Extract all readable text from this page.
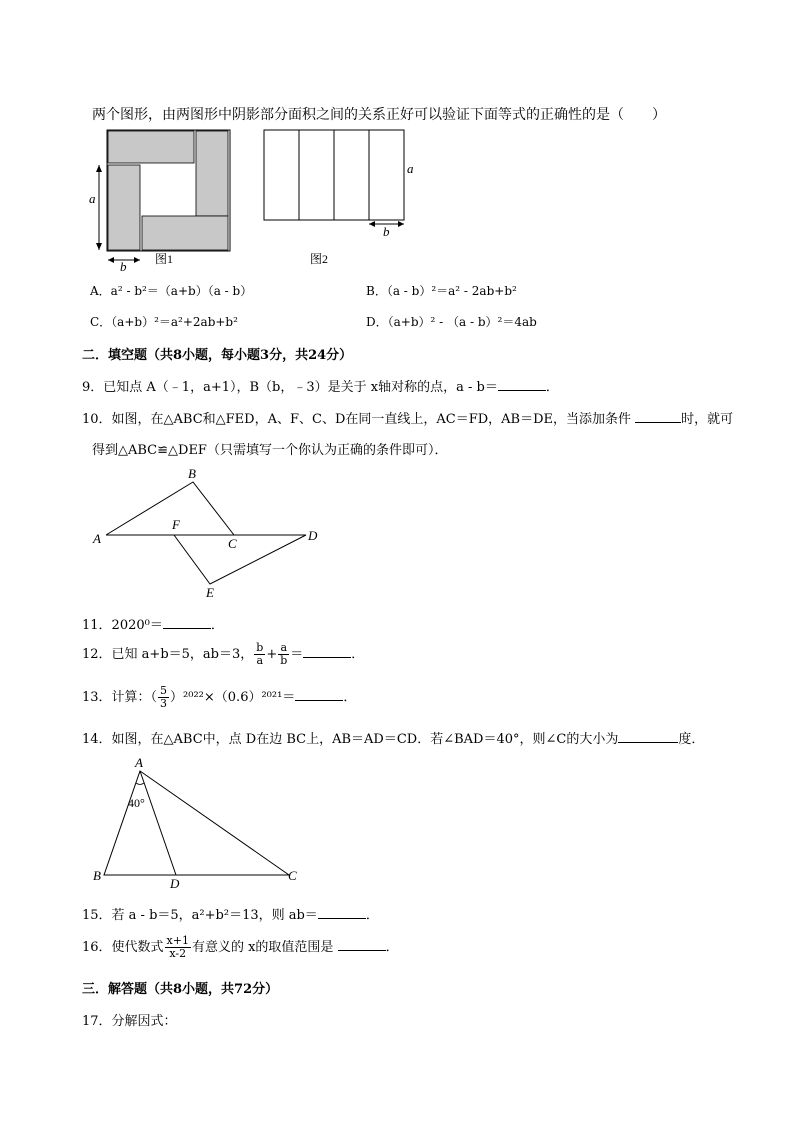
两个图形，由两图形中阴影部分面积之间的关系正好可以验证下面等式的正确性的是（　　）
a
b 图1
a
b
图2
A．a² - b²＝（a+b）（a - b）	B．（a - b）²＝a² - 2ab+b²
C．（a+b）²＝a²+2ab+b²	D．（a+b）² - （a - b）²＝4ab
二．填空题（共8小题，每小题3分，共24分）
9．已知点 A（﹣1，a+1），B（b，﹣3）是关于 x轴对称的点，a - b＝	．
10．如图，在△ABC和△FED，A、F、C、D在同一直线上，AC＝FD，AB＝DE，当添加条件	时，就可
得到△ABC≌△DEF（只需填写一个你认为正确的条件即可）．
A
B
F
C
D
E
11．2020⁰＝	．
12．已知 a+b＝5，ab＝3， $\frac{b}{a} + \frac{a}{b}$ ＝	．
13．计算：（ $\frac{5}{3} )^{2022}\times(0.6)^{2021}=$	．
14．如图，在△ABC中，点 D在边 BC上，AB＝AD＝CD．若∠BAD＝40°，则∠C的大小为	度．
A
40°
B
D
C
15．若 a - b＝5，a²+b²＝13，则 ab＝	．
16．使代数式 $\frac{x+1}{x-2}$ 有意义的 x的取值范围是	．
三．解答题（共8小题，共72分）
17．分解因式：
